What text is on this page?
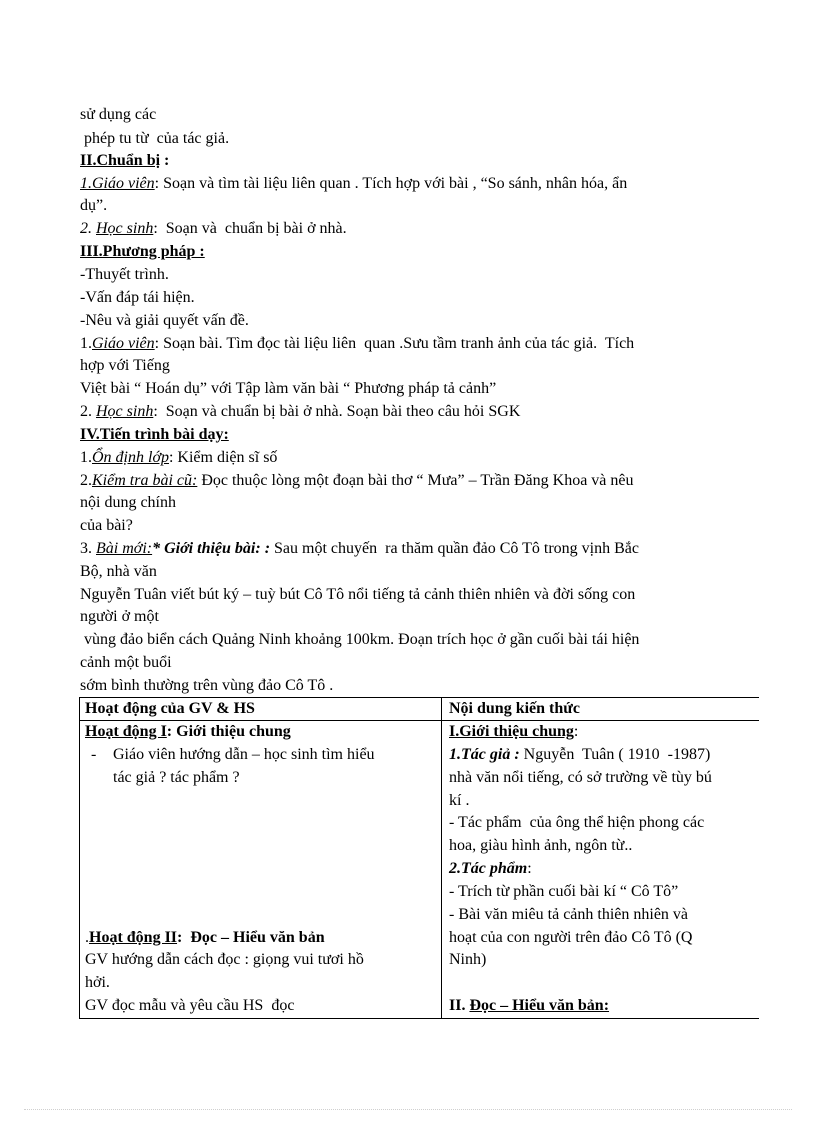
sử dụng các
phép tu từ  của tác giả.
II.Chuẩn bị :
1.Giáo viên: Soạn và tìm tài liệu liên quan . Tích hợp với bài , “So sánh, nhân hóa, ẩn
dụ”.
2. Học sinh:  Soạn và  chuẩn bị bài ở nhà.
III.Phương pháp :
-Thuyết trình.
-Vấn đáp tái hiện.
-Nêu và giải quyết vấn đề.
1.Giáo viên: Soạn bài. Tìm đọc tài liệu liên  quan .Sưu tầm tranh ảnh của tác giả.  Tích
hợp với Tiếng
Việt bài “ Hoán dụ” với Tập làm văn bài “ Phương pháp tả cảnh”
2. Học sinh:  Soạn và chuẩn bị bài ở nhà. Soạn bài theo câu hỏi SGK
IV.Tiến trình bài dạy:
1.Ổn định lớp: Kiểm diện sĩ số
2.Kiểm tra bài cũ: Đọc thuộc lòng một đoạn bài thơ “ Mưa” – Trần Đăng Khoa và nêu
nội dung chính
của bài?
3. Bài mới:* Giới thiệu bài: : Sau một chuyến  ra thăm quần đảo Cô Tô trong vịnh Bắc
Bộ, nhà văn
Nguyễn Tuân viết bút ký – tuỳ bút Cô Tô nổi tiếng tả cảnh thiên nhiên và đời sống con
người ở một
vùng đảo biển cách Quảng Ninh khoảng 100km. Đoạn trích học ở gần cuối bài tái hiện
cảnh một buổi
sớm bình thường trên vùng đảo Cô Tô .
Hoạt động của GV & HS	Nội dung kiến thức
Hoạt động I: Giới thiệu chung
- Giáo viên hướng dẫn – học sinh tìm hiểu
tác giả ? tác phẩm ?
.Hoạt động II:  Đọc – Hiểu văn bản
GV hướng dẫn cách đọc : giọng vui tươi hồ
hởi.
GV đọc mẫu và yêu cầu HS  đọc
I.Giới thiệu chung:
1.Tác giả : Nguyễn  Tuân ( 1910  -1987)
nhà văn nổi tiếng, có sở trường về tùy bú
kí .
- Tác phẩm  của ông thể hiện phong các
hoa, giàu hình ảnh, ngôn từ..
2.Tác phẩm:
- Trích từ phần cuối bài kí “ Cô Tô”
- Bài văn miêu tả cảnh thiên nhiên và
hoạt của con người trên đảo Cô Tô (Q
Ninh)
II. Đọc – Hiểu văn bản:
